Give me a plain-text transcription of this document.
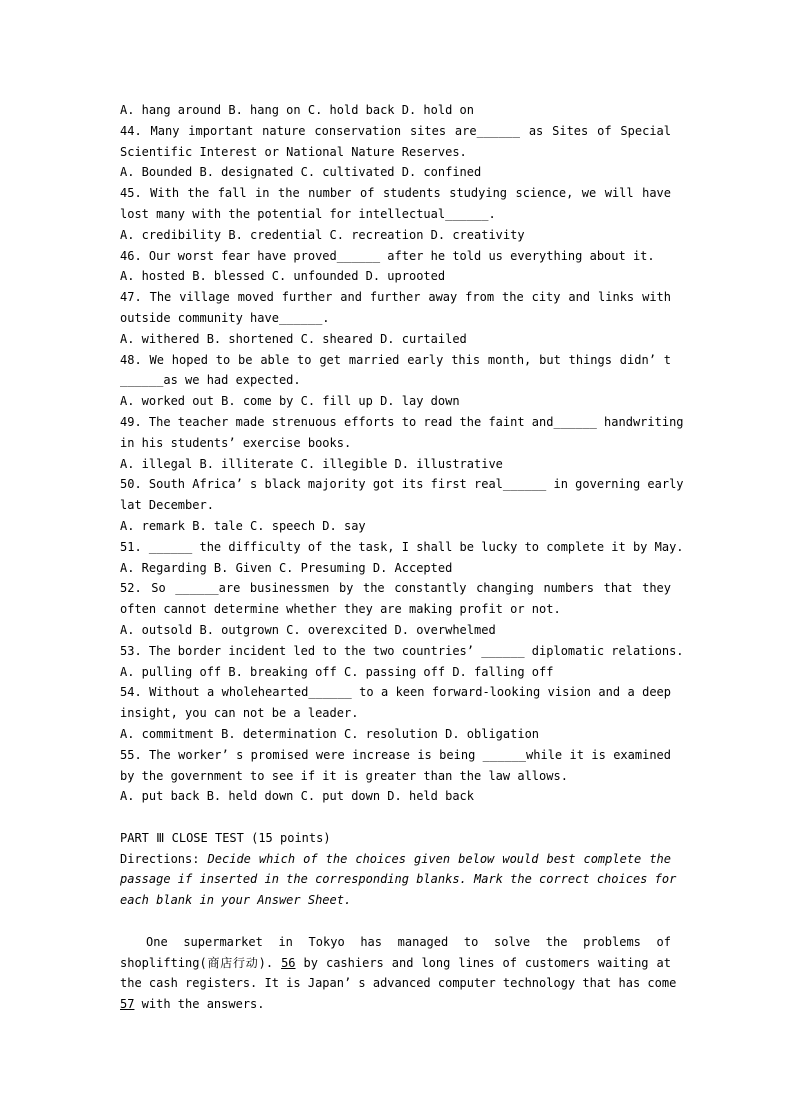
A. hang around B. hang on C. hold back D. hold on
44. Many important nature conservation sites are______ as Sites of Special
Scientific Interest or National Nature Reserves.
A. Bounded B. designated C. cultivated D. confined
45. With the fall in the number of students studying science, we will have
lost many with the potential for intellectual______.
A. credibility B. credential C. recreation D. creativity
46. Our worst fear have proved______ after he told us everything about it.
A. hosted B. blessed C. unfounded D. uprooted
47. The village moved further and further away from the city and links with
outside community have______.
A. withered B. shortened C. sheared D. curtailed
48. We hoped to be able to get married early this month, but things didn’ t
______as we had expected.
A. worked out B. come by C. fill up D. lay down
49. The teacher made strenuous efforts to read the faint and______ handwriting
in his students’ exercise books.
A. illegal B. illiterate C. illegible D. illustrative
50. South Africa’ s black majority got its first real______ in governing early
lat December.
A. remark B. tale C. speech D. say
51. ______ the difficulty of the task, I shall be lucky to complete it by May.
A. Regarding B. Given C. Presuming D. Accepted
52. So ______are businessmen by the constantly changing numbers that they
often cannot determine whether they are making profit or not.
A. outsold B. outgrown C. overexcited D. overwhelmed
53. The border incident led to the two countries’ ______ diplomatic relations.
A. pulling off B. breaking off C. passing off D. falling off
54. Without a wholehearted______ to a keen forward-looking vision and a deep
insight, you can not be a leader.
A. commitment B. determination C. resolution D. obligation
55. The worker’ s promised were increase is being ______while it is examined
by the government to see if it is greater than the law allows.
A. put back B. held down C. put down D. held back
PART Ⅲ CLOSE TEST (15 points)
Directions: Decide which of the choices given below would best complete the
passage if inserted in the corresponding blanks. Mark the correct choices for
each blank in your Answer Sheet.
One supermarket in Tokyo has managed to solve the problems of
shoplifting(商店行动). 56 by cashiers and long lines of customers waiting at
the cash registers. It is Japan’ s advanced computer technology that has come
57 with the answers.
